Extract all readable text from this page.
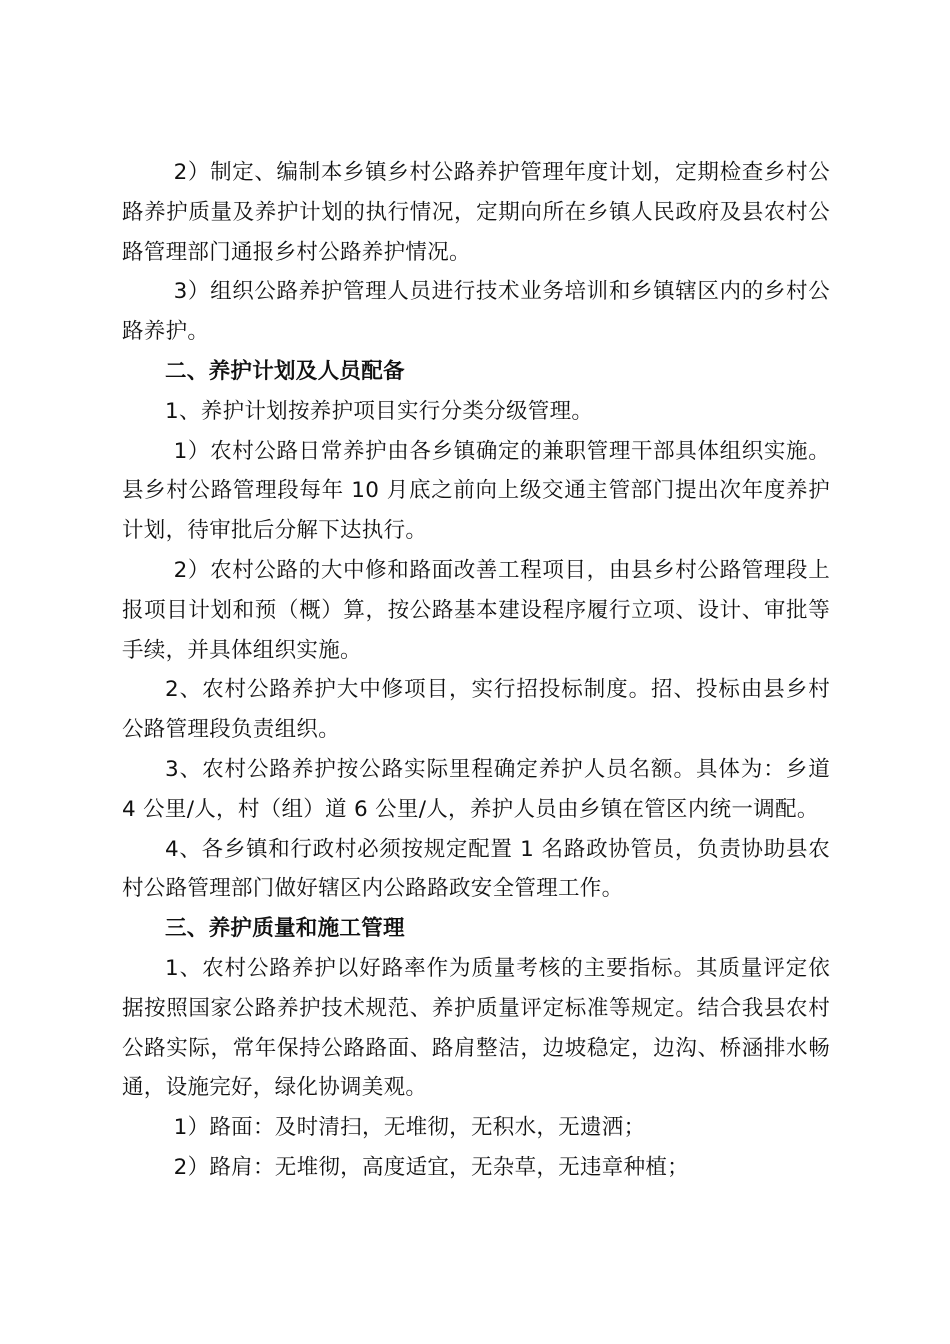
2）制定、编制本乡镇乡村公路养护管理年度计划，定期检查乡村公路养护质量及养护计划的执行情况，定期向所在乡镇人民政府及县农村公路管理部门通报乡村公路养护情况。

3）组织公路养护管理人员进行技术业务培训和乡镇辖区内的乡村公路养护。

二、养护计划及人员配备

1、养护计划按养护项目实行分类分级管理。

1）农村公路日常养护由各乡镇确定的兼职管理干部具体组织实施。县乡村公路管理段每年 10 月底之前向上级交通主管部门提出次年度养护计划，待审批后分解下达执行。

2）农村公路的大中修和路面改善工程项目，由县乡村公路管理段上报项目计划和预（概）算，按公路基本建设程序履行立项、设计、审批等手续，并具体组织实施。

2、农村公路养护大中修项目，实行招投标制度。招、投标由县乡村公路管理段负责组织。

3、农村公路养护按公路实际里程确定养护人员名额。具体为：乡道 4 公里/人，村（组）道 6 公里/人，养护人员由乡镇在管区内统一调配。

4、各乡镇和行政村必须按规定配置 1 名路政协管员，负责协助县农村公路管理部门做好辖区内公路路政安全管理工作。

三、养护质量和施工管理

1、农村公路养护以好路率作为质量考核的主要指标。其质量评定依据按照国家公路养护技术规范、养护质量评定标准等规定。结合我县农村公路实际，常年保持公路路面、路肩整洁，边坡稳定，边沟、桥涵排水畅通，设施完好，绿化协调美观。

1）路面：及时清扫，无堆彻，无积水，无遗洒；

2）路肩：无堆彻，高度适宜，无杂草，无违章种植；
